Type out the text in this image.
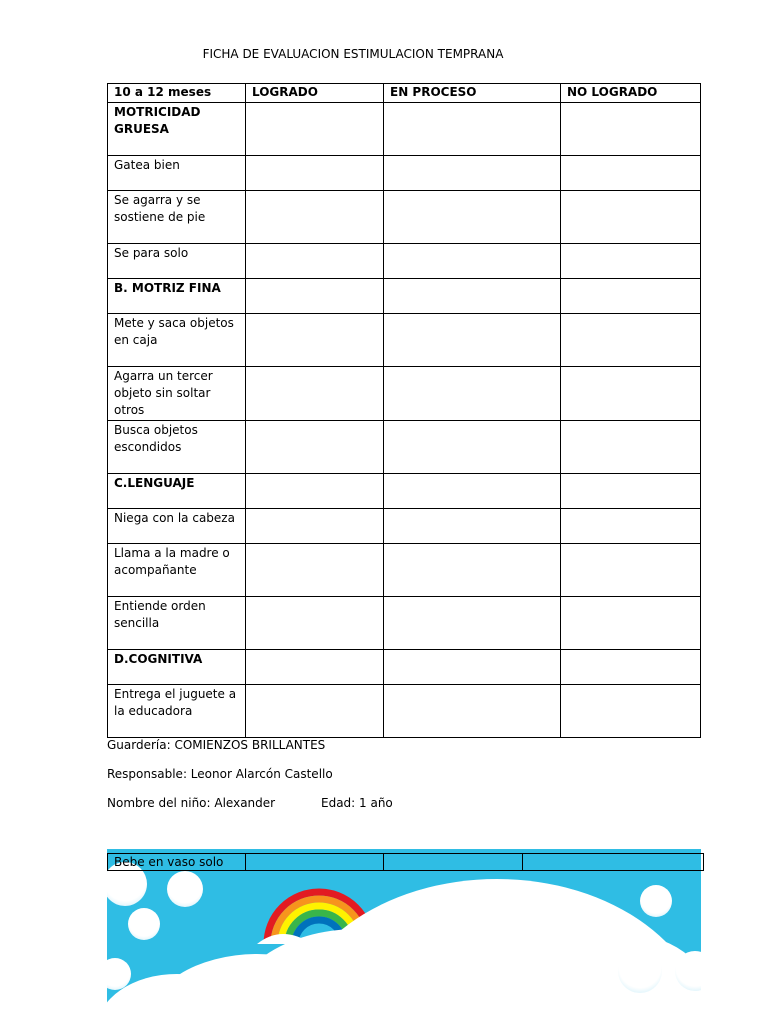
FICHA DE EVALUACION ESTIMULACION TEMPRANA
10 a 12 meses	LOGRADO	EN PROCESO	NO LOGRADO
MOTRICIDAD GRUESA			
Gatea bien			
Se agarra y se sostiene de pie			
Se para solo			
B. MOTRIZ FINA			
Mete y saca objetos en caja			
Agarra un tercer objeto sin soltar otros			
Busca objetos escondidos			
C.LENGUAJE			
Niega con la cabeza			
Llama a la madre o acompañante			
Entiende orden sencilla			
D.COGNITIVA			
Entrega el juguete a la educadora			
Guardería: COMIENZOS BRILLANTES
Responsable: Leonor Alarcón Castello
Nombre del niño: Alexander	Edad: 1 año
Bebe en vaso solo			
